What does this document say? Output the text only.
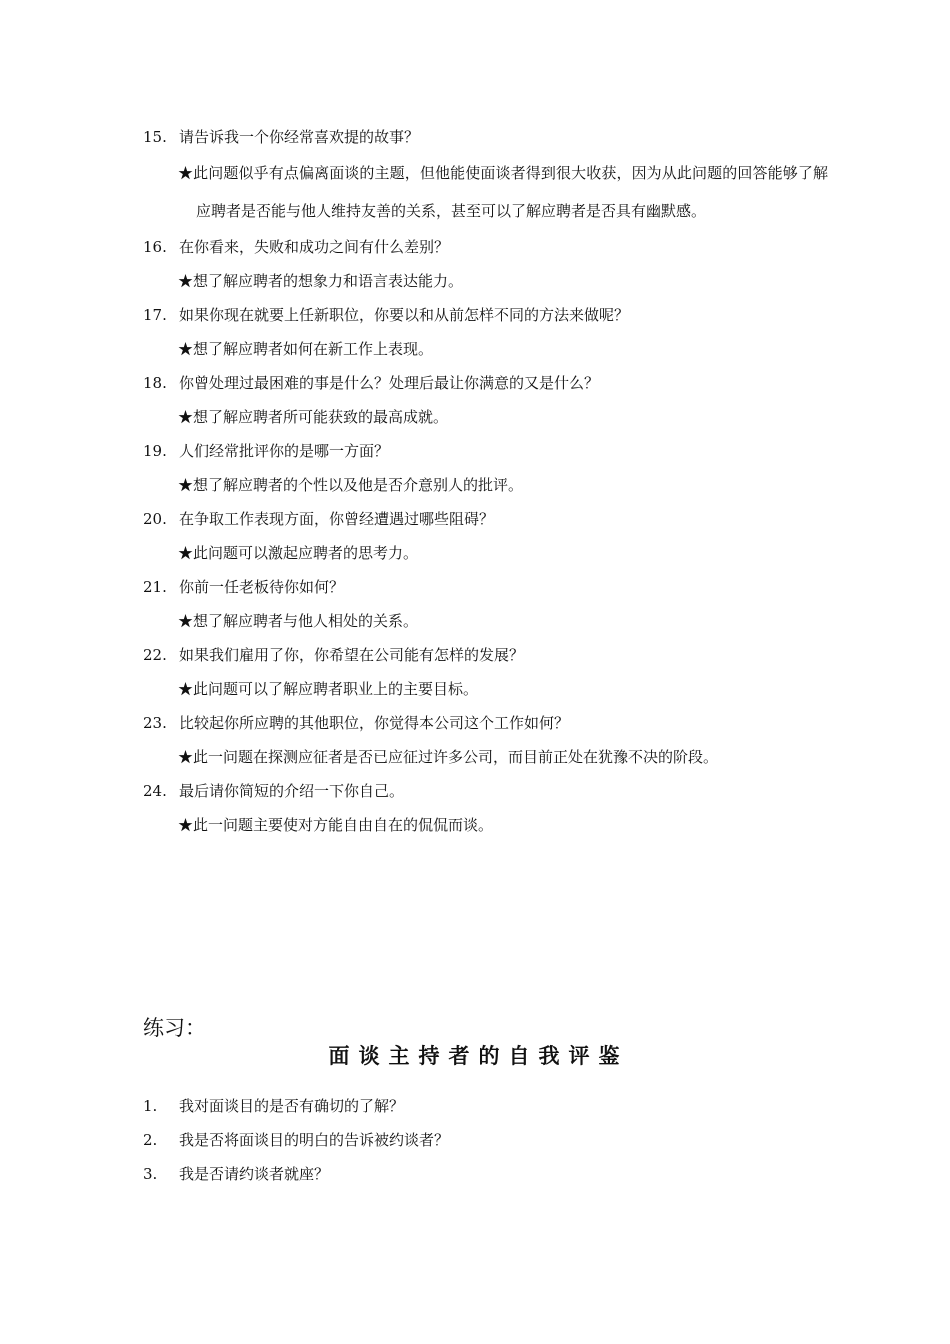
15. 请告诉我一个你经常喜欢提的故事？
★此问题似乎有点偏离面谈的主题，但他能使面谈者得到很大收获，因为从此问题的回答能够了解应聘者是否能与他人维持友善的关系，甚至可以了解应聘者是否具有幽默感。
16. 在你看来，失败和成功之间有什么差别？
★想了解应聘者的想象力和语言表达能力。
17. 如果你现在就要上任新职位，你要以和从前怎样不同的方法来做呢？
★想了解应聘者如何在新工作上表现。
18. 你曾处理过最困难的事是什么？处理后最让你满意的又是什么？
★想了解应聘者所可能获致的最高成就。
19. 人们经常批评你的是哪一方面？
★想了解应聘者的个性以及他是否介意别人的批评。
20. 在争取工作表现方面，你曾经遭遇过哪些阻碍？
★此问题可以激起应聘者的思考力。
21. 你前一任老板待你如何？
★想了解应聘者与他人相处的关系。
22. 如果我们雇用了你，你希望在公司能有怎样的发展？
★此问题可以了解应聘者职业上的主要目标。
23. 比较起你所应聘的其他职位，你觉得本公司这个工作如何？
★此一问题在探测应征者是否已应征过许多公司，而目前正处在犹豫不决的阶段。
24. 最后请你简短的介绍一下你自己。
★此一问题主要使对方能自由自在的侃侃而谈。
练习：
面谈主持者的自我评鉴
1. 我对面谈目的是否有确切的了解？
2. 我是否将面谈目的明白的告诉被约谈者？
3. 我是否请约谈者就座？
